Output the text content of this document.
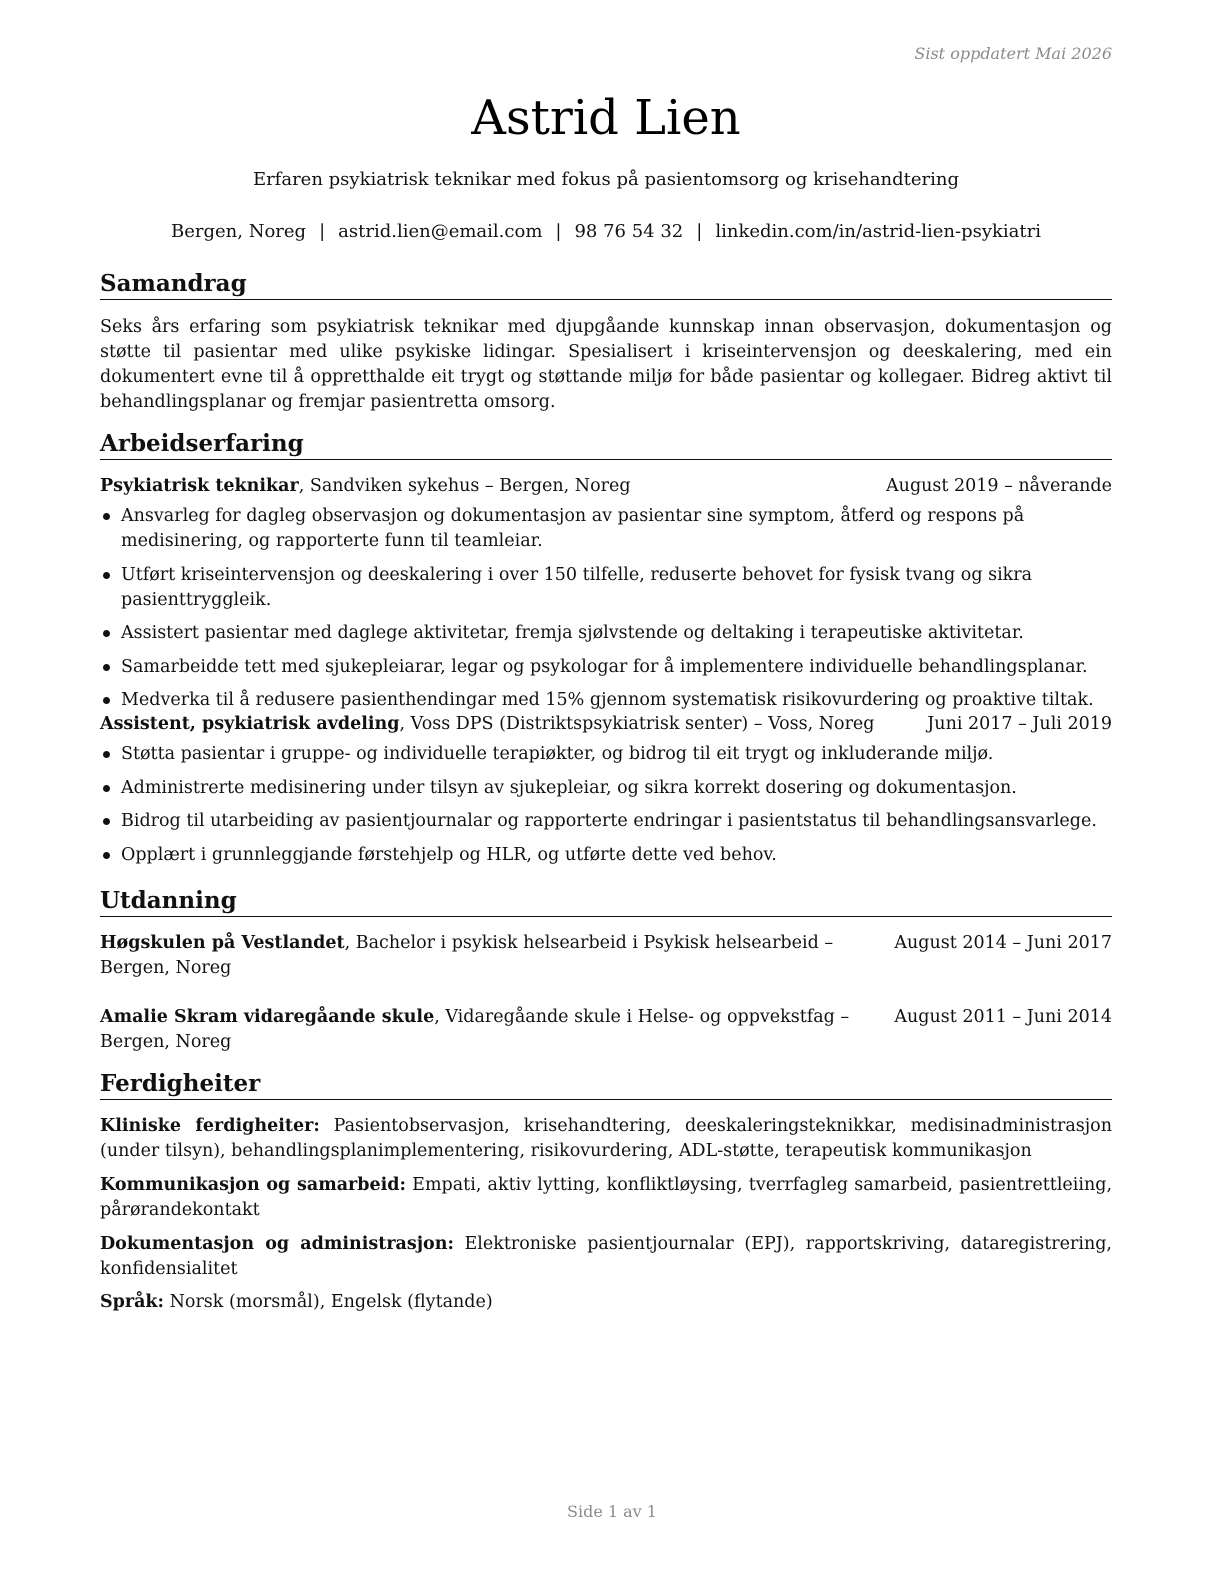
Sist oppdatert Mai 2026
Astrid Lien
Erfaren psykiatrisk teknikar med fokus på pasientomsorg og krisehandtering
Bergen, Noreg | astrid.lien@email.com | 98 76 54 32 | linkedin.com/in/astrid-lien-psykiatri
Samandrag
Seks års erfaring som psykiatrisk teknikar med djupgåande kunnskap innan observasjon, dokumentasjon og støtte til pasientar med ulike psykiske lidingar. Spesialisert i kriseintervensjon og deeskalering, med ein dokumentert evne til å oppretthalde eit trygt og støttande miljø for både pasientar og kollegaer. Bidreg aktivt til behandlingsplanar og fremjar pasientretta omsorg.
Arbeidserfaring
Psykiatrisk teknikar, Sandviken sykehus – Bergen, Noreg	August 2019 – nåverande
Ansvarleg for dagleg observasjon og dokumentasjon av pasientar sine symptom, åtferd og respons på medisinering, og rapporterte funn til teamleiar.
Utført kriseintervensjon og deeskalering i over 150 tilfelle, reduserte behovet for fysisk tvang og sikra pasienttryggleik.
Assistert pasientar med daglege aktivitetar, fremja sjølvstende og deltaking i terapeutiske aktivitetar.
Samarbeidde tett med sjukepleiarar, legar og psykologar for å implementere individuelle behandlingsplanar.
Medverka til å redusere pasienthendingar med 15% gjennom systematisk risikovurdering og proaktive tiltak.
Assistent, psykiatrisk avdeling, Voss DPS (Distriktspsykiatrisk senter) – Voss, Noreg	Juni 2017 – Juli 2019
Støtta pasientar i gruppe- og individuelle terapiøkter, og bidrog til eit trygt og inkluderande miljø.
Administrerte medisinering under tilsyn av sjukepleiar, og sikra korrekt dosering og dokumentasjon.
Bidrog til utarbeiding av pasientjournalar og rapporterte endringar i pasientstatus til behandlingsansvarlege.
Opplært i grunnleggjande førstehjelp og HLR, og utførte dette ved behov.
Utdanning
Høgskulen på Vestlandet, Bachelor i psykisk helsearbeid i Psykisk helsearbeid – Bergen, Noreg
August 2014 – Juni 2017
Amalie Skram vidaregåande skule, Vidaregåande skule i Helse- og oppvekstfag – Bergen, Noreg
August 2011 – Juni 2014
Ferdigheiter
Kliniske ferdigheiter: Pasientobservasjon, krisehandtering, deeskaleringsteknikkar, medisinadministrasjon (under tilsyn), behandlingsplanimplementering, risikovurdering, ADL-støtte, terapeutisk kommunikasjon
Kommunikasjon og samarbeid: Empati, aktiv lytting, konfliktløysing, tverrfagleg samarbeid, pasientrettleiing, pårørandekontakt
Dokumentasjon og administrasjon: Elektroniske pasientjournalar (EPJ), rapportskriving, dataregistrering, konfidensialitet
Språk: Norsk (morsmål), Engelsk (flytande)
Side 1 av 1
